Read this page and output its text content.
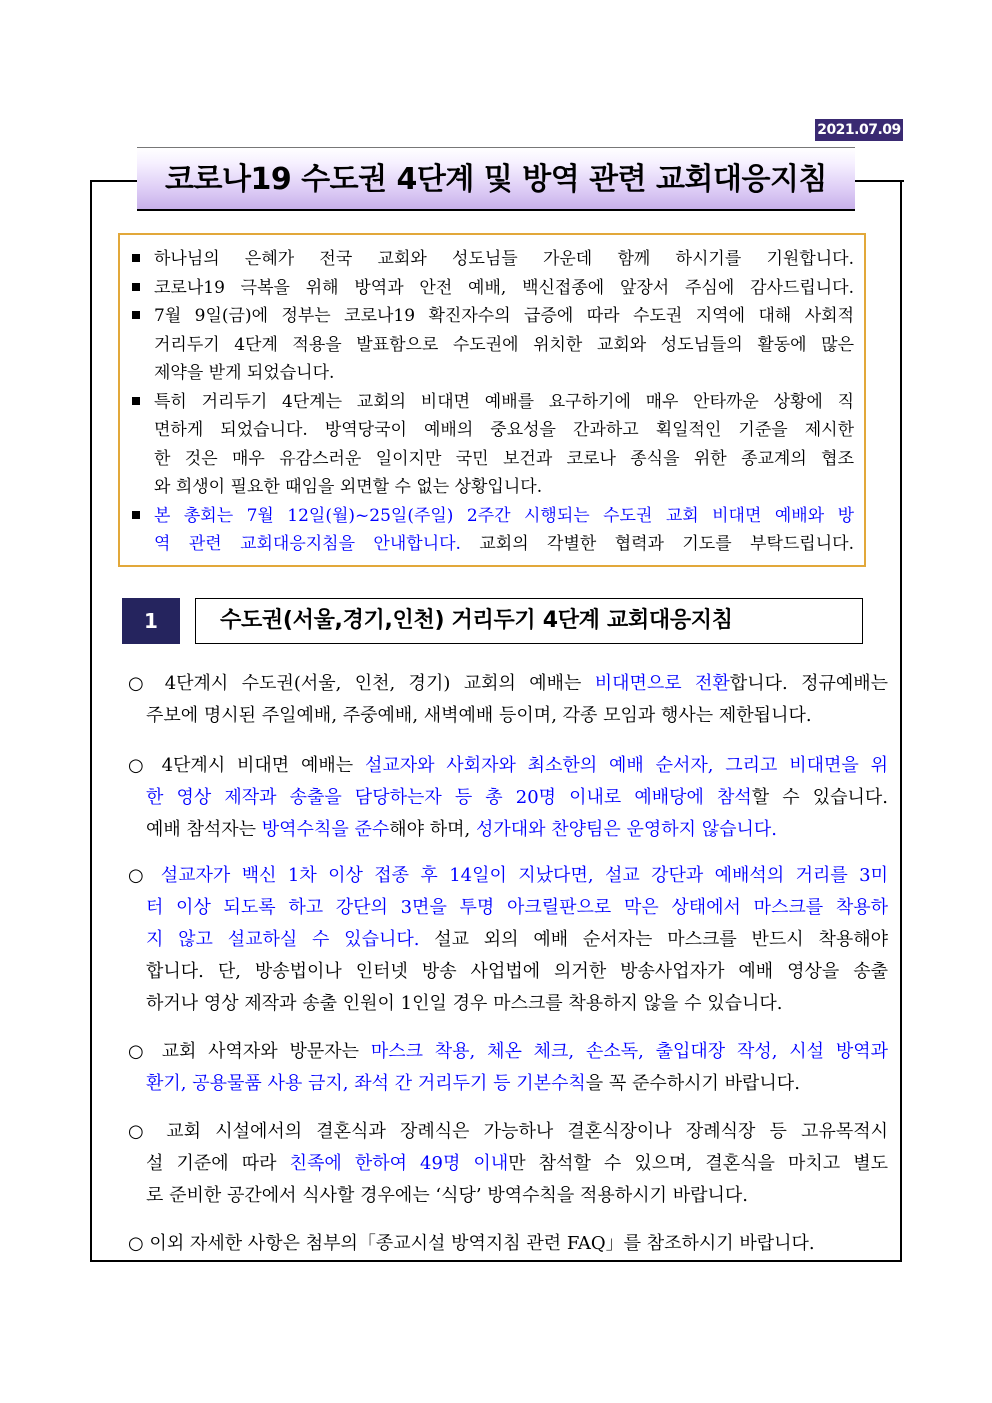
2021.07.09
코로나19 수도권 4단계 및 방역 관련 교회대응지침
하나님의 은혜가 전국 교회와 성도님들 가운데 함께 하시기를 기원합니다.
코로나19 극복을 위해 방역과 안전 예배, 백신접종에 앞장서 주심에 감사드립니다.
7월 9일(금)에 정부는 코로나19 확진자수의 급증에 따라 수도권 지역에 대해 사회적
거리두기 4단계 적용을 발표함으로 수도권에 위치한 교회와 성도님들의 활동에 많은
제약을 받게 되었습니다.
특히 거리두기 4단계는 교회의 비대면 예배를 요구하기에 매우 안타까운 상황에 직
면하게 되었습니다. 방역당국이 예배의 중요성을 간과하고 획일적인 기준을 제시한
한 것은 매우 유감스러운 일이지만 국민 보건과 코로나 종식을 위한 종교계의 협조
와 희생이 필요한 때임을 외면할 수 없는 상황입니다.
본 총회는 7월 12일(월)~25일(주일) 2주간 시행되는 수도권 교회 비대면 예배와 방
역 관련 교회대응지침을 안내합니다. 교회의 각별한 협력과 기도를 부탁드립니다.
1	수도권(서울,경기,인천) 거리두기 4단계 교회대응지침
○ 4단계시 수도권(서울, 인천, 경기) 교회의 예배는 비대면으로 전환합니다. 정규예배는
주보에 명시된 주일예배, 주중예배, 새벽예배 등이며, 각종 모임과 행사는 제한됩니다.
○ 4단계시 비대면 예배는 설교자와 사회자와 최소한의 예배 순서자, 그리고 비대면을 위
한 영상 제작과 송출을 담당하는자 등 총 20명 이내로 예배당에 참석할 수 있습니다.
예배 참석자는 방역수칙을 준수해야 하며, 성가대와 찬양팀은 운영하지 않습니다.
○ 설교자가 백신 1차 이상 접종 후 14일이 지났다면, 설교 강단과 예배석의 거리를 3미
터 이상 되도록 하고 강단의 3면을 투명 아크릴판으로 막은 상태에서 마스크를 착용하
지 않고 설교하실 수 있습니다. 설교 외의 예배 순서자는 마스크를 반드시 착용해야
합니다. 단, 방송법이나 인터넷 방송 사업법에 의거한 방송사업자가 예배 영상을 송출
하거나 영상 제작과 송출 인원이 1인일 경우 마스크를 착용하지 않을 수 있습니다.
○ 교회 사역자와 방문자는 마스크 착용, 체온 체크, 손소독, 출입대장 작성, 시설 방역과
환기, 공용물품 사용 금지, 좌석 간 거리두기 등 기본수칙을 꼭 준수하시기 바랍니다.
○ 교회 시설에서의 결혼식과 장례식은 가능하나 결혼식장이나 장례식장 등 고유목적시
설 기준에 따라 친족에 한하여 49명 이내만 참석할 수 있으며, 결혼식을 마치고 별도
로 준비한 공간에서 식사할 경우에는 ‘식당’ 방역수칙을 적용하시기 바랍니다.
○ 이외 자세한 사항은 첨부의「종교시설 방역지침 관련 FAQ」를 참조하시기 바랍니다.
